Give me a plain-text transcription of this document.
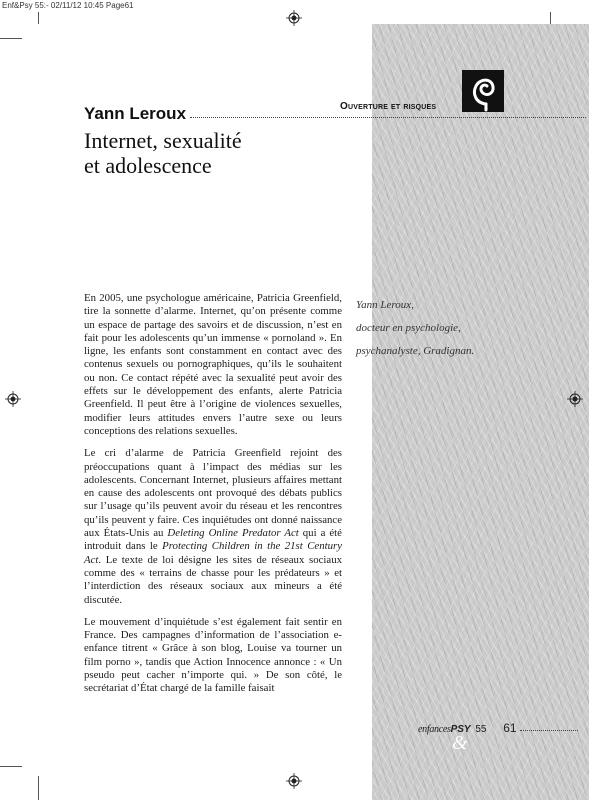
Enf&Psy 55:- 02/11/12 10:45 Page61
Yann Leroux	Ouverture et risques
Internet, sexualité
et adolescence

En 2005, une psychologue américaine, Patricia Greenfield, tire la sonnette d’alarme. Internet, qu’on présente comme un espace de partage des savoirs et de discussion, n’est en fait pour les adolescents qu’un immense « pornoland ». En ligne, les enfants sont constamment en contact avec des contenus sexuels ou pornographiques, qu’ils le souhaitent ou non. Ce contact répété avec la sexualité peut avoir des effets sur le développement des enfants, alerte Patricia Greenfield. Il peut être à l’origine de violences sexuelles, modifier leurs attitudes envers l’autre sexe ou leurs conceptions des relations sexuelles.

Le cri d’alarme de Patricia Greenfield rejoint des préoccupations quant à l’impact des médias sur les adolescents. Concernant Internet, plusieurs affaires mettant en cause des adolescents ont provoqué des débats publics sur l’usage qu’ils peuvent avoir du réseau et les rencontres qu’ils peuvent y faire. Ces inquiétudes ont donné naissance aux États-Unis au Deleting Online Predator Act qui a été introduit dans le Protecting Children in the 21st Century Act. Le texte de loi désigne les sites de réseaux sociaux comme des « terrains de chasse pour les prédateurs » et l’interdiction des réseaux sociaux aux mineurs a été discutée.

Le mouvement d’inquiétude s’est également fait sentir en France. Des campagnes d’information de l’association e-enfance titrent « Grâce à son blog, Louise va tourner un film porno », tandis que Action Innocence annonce : « Un pseudo peut cacher n’importe qui. » De son côté, le secrétariat d’État chargé de la famille faisait

Yann Leroux,
docteur en psychologie,
psychanalyste, Gradignan.
enfancesPSY 55 61
&
